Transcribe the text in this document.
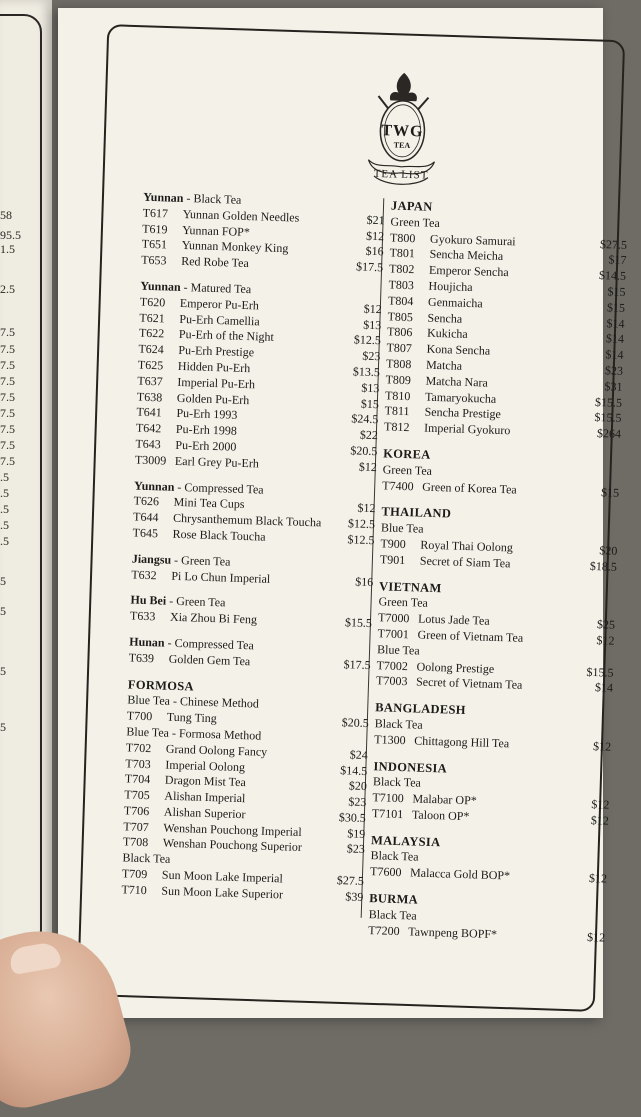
58
95.5
1.5
2.5
7.5
7.5
7.5
7.5
7.5
7.5
7.5
7.5
7.5
.5
.5
.5
.5
.5
5
5
5
5
TWG
TEA
TEA LIST
Yunnan - Black Tea
T617 Yunnan Golden Needles	$21
T619 Yunnan FOP*	$12
T651 Yunnan Monkey King	$16
T653 Red Robe Tea	$17.5
Yunnan - Matured Tea
T620 Emperor Pu-Erh	$12
T621 Pu-Erh Camellia	$13
T622 Pu-Erh of the Night	$12.5
T624 Pu-Erh Prestige	$23
T625 Hidden Pu-Erh	$13.5
T637 Imperial Pu-Erh	$13
T638 Golden Pu-Erh	$15
T641 Pu-Erh 1993	$24.5
T642 Pu-Erh 1998	$22
T643 Pu-Erh 2000	$20.5
T3009 Earl Grey Pu-Erh	$12
Yunnan - Compressed Tea
T626 Mini Tea Cups	$12
T644 Chrysanthemum Black Toucha $12.5
T645 Rose Black Toucha	$12.5
Jiangsu - Green Tea
T632 Pi Lo Chun Imperial	$16
Hu Bei - Green Tea
T633 Xia Zhou Bi Feng	$15.5
Hunan - Compressed Tea
T639 Golden Gem Tea	$17.5
FORMOSA
Blue Tea - Chinese Method
T700 Tung Ting	$20.5
Blue Tea - Formosa Method
T702 Grand Oolong Fancy	$24
T703 Imperial Oolong	$14.5
T704 Dragon Mist Tea	$20
T705 Alishan Imperial	$23
T706 Alishan Superior	$30.5
T707 Wenshan Pouchong Imperial	$19
T708 Wenshan Pouchong Superior	$23
Black Tea
T709 Sun Moon Lake Imperial	$27.5
T710 Sun Moon Lake Superior	$39
JAPAN
Green Tea
T800 Gyokuro Samurai	$27.5
T801 Sencha Meicha	$17
T802 Emperor Sencha	$14.5
T803 Houjicha	$15
T804 Genmaicha	$15
T805 Sencha	$14
T806 Kukicha	$14
T807 Kona Sencha	$14
T808 Matcha	$23
T809 Matcha Nara	$31
T810 Tamaryokucha	$15.5
T811 Sencha Prestige	$15.5
T812 Imperial Gyokuro	$264
KOREA
Green Tea
T7400 Green of Korea Tea	$15
THAILAND
Blue Tea
T900 Royal Thai Oolong	$20
T901 Secret of Siam Tea	$18.5
VIETNAM
Green Tea
T7000 Lotus Jade Tea	$25
T7001 Green of Vietnam Tea	$12
Blue Tea
T7002 Oolong Prestige	$15.5
T7003 Secret of Vietnam Tea	$14
BANGLADESH
Black Tea
T1300 Chittagong Hill Tea	$12
INDONESIA
Black Tea
T7100 Malabar OP*	$12
T7101 Taloon OP*	$12
MALAYSIA
Black Tea
T7600 Malacca Gold BOP*	$12
BURMA
Black Tea
T7200 Tawnpeng BOPF*	$12
